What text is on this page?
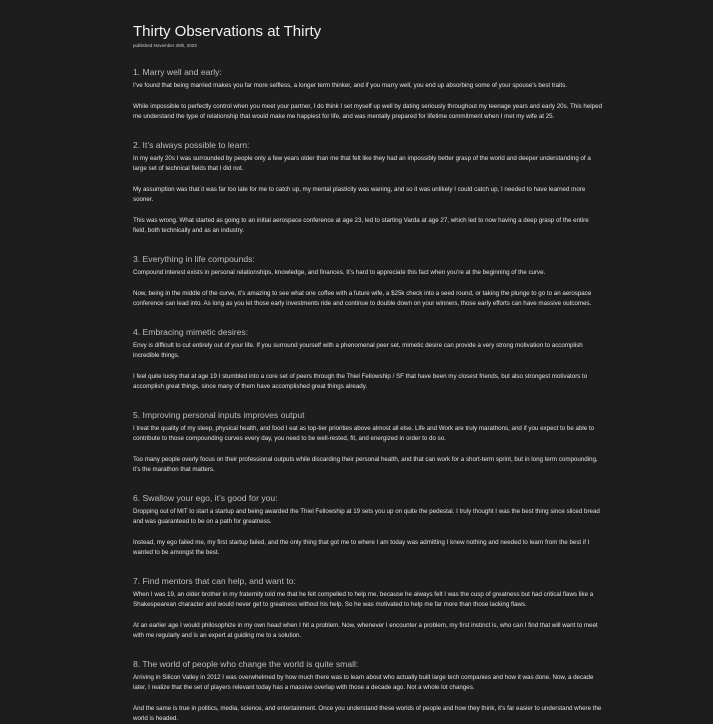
Thirty Observations at Thirty
published November 30th, 2023
1. Marry well and early:

I’ve found that being married makes you far more selfless, a longer term thinker, and if you marry well, you end up absorbing some of your spouse’s best traits.

While impossible to perfectly control when you meet your partner, I do think I set myself up well by dating seriously throughout my teenage years and early 20s. This helped me understand the type of relationship that would make me happiest for life, and was mentally prepared for lifetime commitment when I met my wife at 25.

2. It’s always possible to learn:

In my early 20s I was surrounded by people only a few years older than me that felt like they had an impossibly better grasp of the world and deeper understanding of a large set of technical fields that I did not.

My assumption was that it was far too late for me to catch up, my mental plasticity was waning, and so it was unlikely I could catch up, I needed to have learned more sooner.

This was wrong. What started as going to an initial aerospace conference at age 23, led to starting Varda at age 27, which led to now having a deep grasp of the entire field, both technically and as an industry.

3. Everything in life compounds:

Compound interest exists in personal relationships, knowledge, and finances. It’s hard to appreciate this fact when you’re at the beginning of the curve.

Now, being in the middle of the curve, it’s amazing to see what one coffee with a future wife, a $25k check into a seed round, or taking the plunge to go to an aerospace conference can lead into. As long as you let those early investments ride and continue to double down on your winners, those early efforts can have massive outcomes.

4. Embracing mimetic desires:

Envy is difficult to cut entirely out of your life. If you surround yourself with a phenomenal peer set, mimetic desire can provide a very strong motivation to accomplish incredible things.

I feel quite lucky that at age 19 I stumbled into a core set of peers through the Thiel Fellowship / SF that have been my closest friends, but also strongest motivators to accomplish great things, since many of them have accomplished great things already.

5. Improving personal inputs improves output

I treat the quality of my sleep, physical health, and food I eat as top-tier priorities above almost all else. Life and Work are truly marathons, and if you expect to be able to contribute to those compounding curves every day, you need to be well-rested, fit, and energized in order to do so.

Too many people overly focus on their professional outputs while discarding their personal health, and that can work for a short-term sprint, but in long term compounding, it’s the marathon that matters.

6. Swallow your ego, it’s good for you:

Dropping out of MIT to start a startup and being awarded the Thiel Fellowship at 19 sets you up on quite the pedestal. I truly thought I was the best thing since sliced bread and was guaranteed to be on a path for greatness.

Instead, my ego failed me, my first startup failed, and the only thing that got me to where I am today was admitting I knew nothing and needed to learn from the best if I wanted to be amongst the best.

7. Find mentors that can help, and want to:

When I was 19, an older brother in my fraternity told me that he felt compelled to help me, because he always felt I was the cusp of greatness but had critical flaws like a Shakespearean character and would never get to greatness without his help. So he was motivated to help me far more than those lacking flaws.

At an earlier age I would philosophize in my own head when I hit a problem. Now, whenever I encounter a problem, my first instinct is, who can I find that will want to meet with me regularly and is an expert at guiding me to a solution.

8. The world of people who change the world is quite small:

Arriving in Silicon Valley in 2012 I was overwhelmed by how much there was to learn about who actually built large tech companies and how it was done. Now, a decade later, I realize that the set of players relevant today has a massive overlap with those a decade ago. Not a whole lot changes.

And the same is true in politics, media, science, and entertainment. Once you understand these worlds of people and how they think, it’s far easier to understand where the world is headed.
